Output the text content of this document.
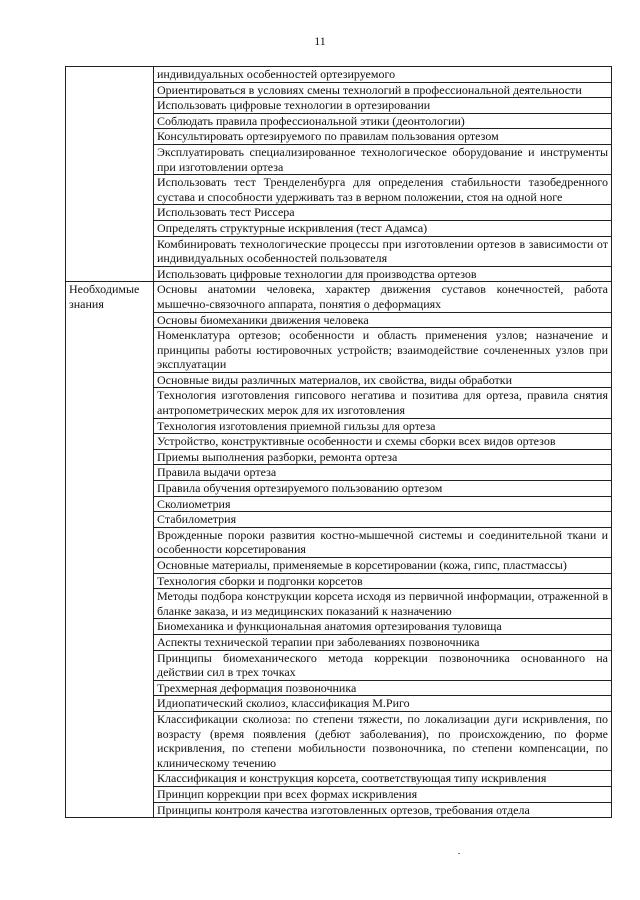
11

	индивидуальных особенностей ортезируемого

	Ориентироваться в условиях смены технологий в профессиональной деятельности

	Использовать цифровые технологии в ортезировании

	Соблюдать правила профессиональной этики (деонтологии)

	Консультировать ортезируемого по правилам пользования ортезом

	Эксплуатировать специализированное технологическое оборудование и инструменты при изготовлении ортеза

	Использовать тест Тренделенбурга для определения стабильности тазобедренного сустава и способности удерживать таз в верном положении, стоя на одной ноге

	Использовать тест Риссера

	Определять структурные искривления (тест Адамса)

	Комбинировать технологические процессы при изготовлении ортезов в зависимости от индивидуальных особенностей пользователя

	Использовать цифровые технологии для производства ортезов

Необходимые знания	Основы анатомии человека, характер движения суставов конечностей, работа мышечно-связочного аппарата, понятия о деформациях

	Основы биомеханики движения человека

	Номенклатура ортезов; особенности и область применения узлов; назначение и принципы работы юстировочных устройств; взаимодействие сочлененных узлов при эксплуатации

	Основные виды различных материалов, их свойства, виды обработки

	Технология изготовления гипсового негатива и позитива для ортеза, правила снятия антропометрических мерок для их изготовления

	Технология изготовления приемной гильзы для ортеза

	Устройство, конструктивные особенности и схемы сборки всех видов ортезов

	Приемы выполнения разборки, ремонта ортеза

	Правила выдачи ортеза

	Правила обучения ортезируемого пользованию ортезом

	Сколиометрия

	Стабилометрия

	Врожденные пороки развития костно-мышечной системы и соединительной ткани и особенности корсетирования

	Основные материалы, применяемые в корсетировании (кожа, гипс, пластмассы)

	Технология сборки и подгонки корсетов

	Методы подбора конструкции корсета исходя из первичной информации, отраженной в бланке заказа, и из медицинских показаний к назначению

	Биомеханика и функциональная анатомия ортезирования туловища

	Аспекты технической терапии при заболеваниях позвоночника

	Принципы биомеханического метода коррекции позвоночника основанного на действии сил в трех точках

	Трехмерная деформация позвоночника

	Идиопатический сколиоз, классификация М.Риго

	Классификации сколиоза: по степени тяжести, по локализации дуги искривления, по возрасту (время появления (дебют заболевания), по происхождению, по форме искривления, по степени мобильности позвоночника, по степени компенсации, по клиническому течению

	Классификация и конструкция корсета, соответствующая типу искривления

	Принцип коррекции при всех формах искривления

	Принципы контроля качества изготовленных ортезов, требования отдела
